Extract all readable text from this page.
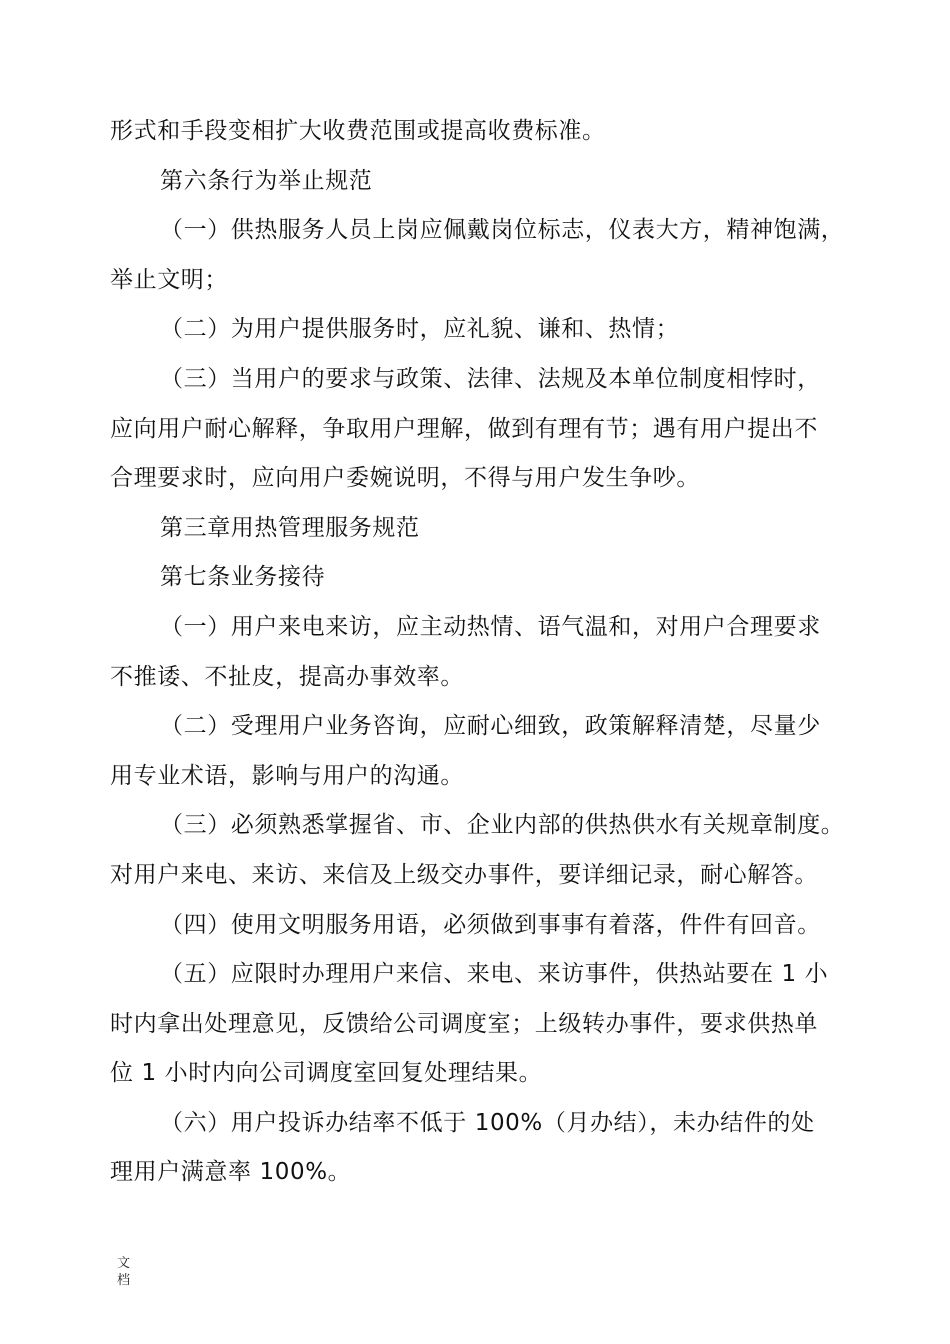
形式和手段变相扩大收费范围或提高收费标准。

第六条行为举止规范

（一）供热服务人员上岗应佩戴岗位标志，仪表大方，精神饱满，

举止文明；

（二）为用户提供服务时，应礼貌、谦和、热情；

（三）当用户的要求与政策、法律、法规及本单位制度相悖时，

应向用户耐心解释，争取用户理解，做到有理有节；遇有用户提出不

合理要求时，应向用户委婉说明，不得与用户发生争吵。

第三章用热管理服务规范

第七条业务接待

（一）用户来电来访，应主动热情、语气温和，对用户合理要求

不推诿、不扯皮，提高办事效率。

（二）受理用户业务咨询，应耐心细致，政策解释清楚，尽量少

用专业术语，影响与用户的沟通。

（三）必须熟悉掌握省、市、企业内部的供热供水有关规章制度。

对用户来电、来访、来信及上级交办事件，要详细记录，耐心解答。

（四）使用文明服务用语，必须做到事事有着落，件件有回音。

（五）应限时办理用户来信、来电、来访事件，供热站要在 1 小

时内拿出处理意见，反馈给公司调度室；上级转办事件，要求供热单

位 1 小时内向公司调度室回复处理结果。

（六）用户投诉办结率不低于 100%（月办结），未办结件的处

理用户满意率 100%。

文
档
